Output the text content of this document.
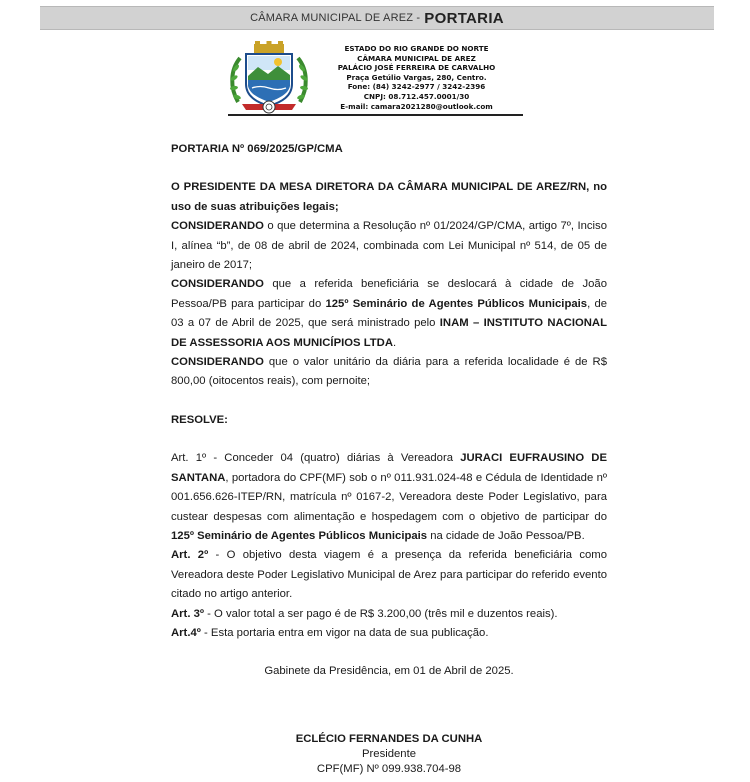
CÂMARA MUNICIPAL DE AREZ - PORTARIA
ESTADO DO RIO GRANDE DO NORTE
CÂMARA MUNICIPAL DE AREZ
PALÁCIO JOSÉ FERREIRA DE CARVALHO
Praça Getúlio Vargas, 280, Centro.
Fone: (84) 3242-2977 / 3242-2396
CNPJ: 08.712.457.0001/30
E-mail: camara2021280@outlook.com

PORTARIA Nº 069/2025/GP/CMA

O PRESIDENTE DA MESA DIRETORA DA CÂMARA MUNICIPAL DE AREZ/RN, no uso de suas atribuições legais;

CONSIDERANDO o que determina a Resolução nº 01/2024/GP/CMA, artigo 7º, Inciso I, alínea “b”, de 08 de abril de 2024, combinada com Lei Municipal nº 514, de 05 de janeiro de 2017;

CONSIDERANDO que a referida beneficiária se deslocará à cidade de João Pessoa/PB para participar do 125º Seminário de Agentes Públicos Municipais, de 03 a 07 de Abril de 2025, que será ministrado pelo INAM – INSTITUTO NACIONAL DE ASSESSORIA AOS MUNICÍPIOS LTDA.

CONSIDERANDO que o valor unitário da diária para a referida localidade é de R$ 800,00 (oitocentos reais), com pernoite;

RESOLVE:

Art. 1º - Conceder 04 (quatro) diárias à Vereadora JURACI EUFRAUSINO DE SANTANA, portadora do CPF(MF) sob o nº 011.931.024-48 e Cédula de Identidade nº 001.656.626-ITEP/RN, matrícula nº 0167-2, Vereadora deste Poder Legislativo, para custear despesas com alimentação e hospedagem com o objetivo de participar do 125º Seminário de Agentes Públicos Municipais na cidade de João Pessoa/PB.

Art. 2º - O objetivo desta viagem é a presença da referida beneficiária como Vereadora deste Poder Legislativo Municipal de Arez para participar do referido evento citado no artigo anterior.

Art. 3º - O valor total a ser pago é de R$ 3.200,00 (três mil e duzentos reais).

Art.4º - Esta portaria entra em vigor na data de sua publicação.

Gabinete da Presidência, em 01 de Abril de 2025.

ECLÉCIO FERNANDES DA CUNHA
Presidente
CPF(MF) Nº 099.938.704-98
